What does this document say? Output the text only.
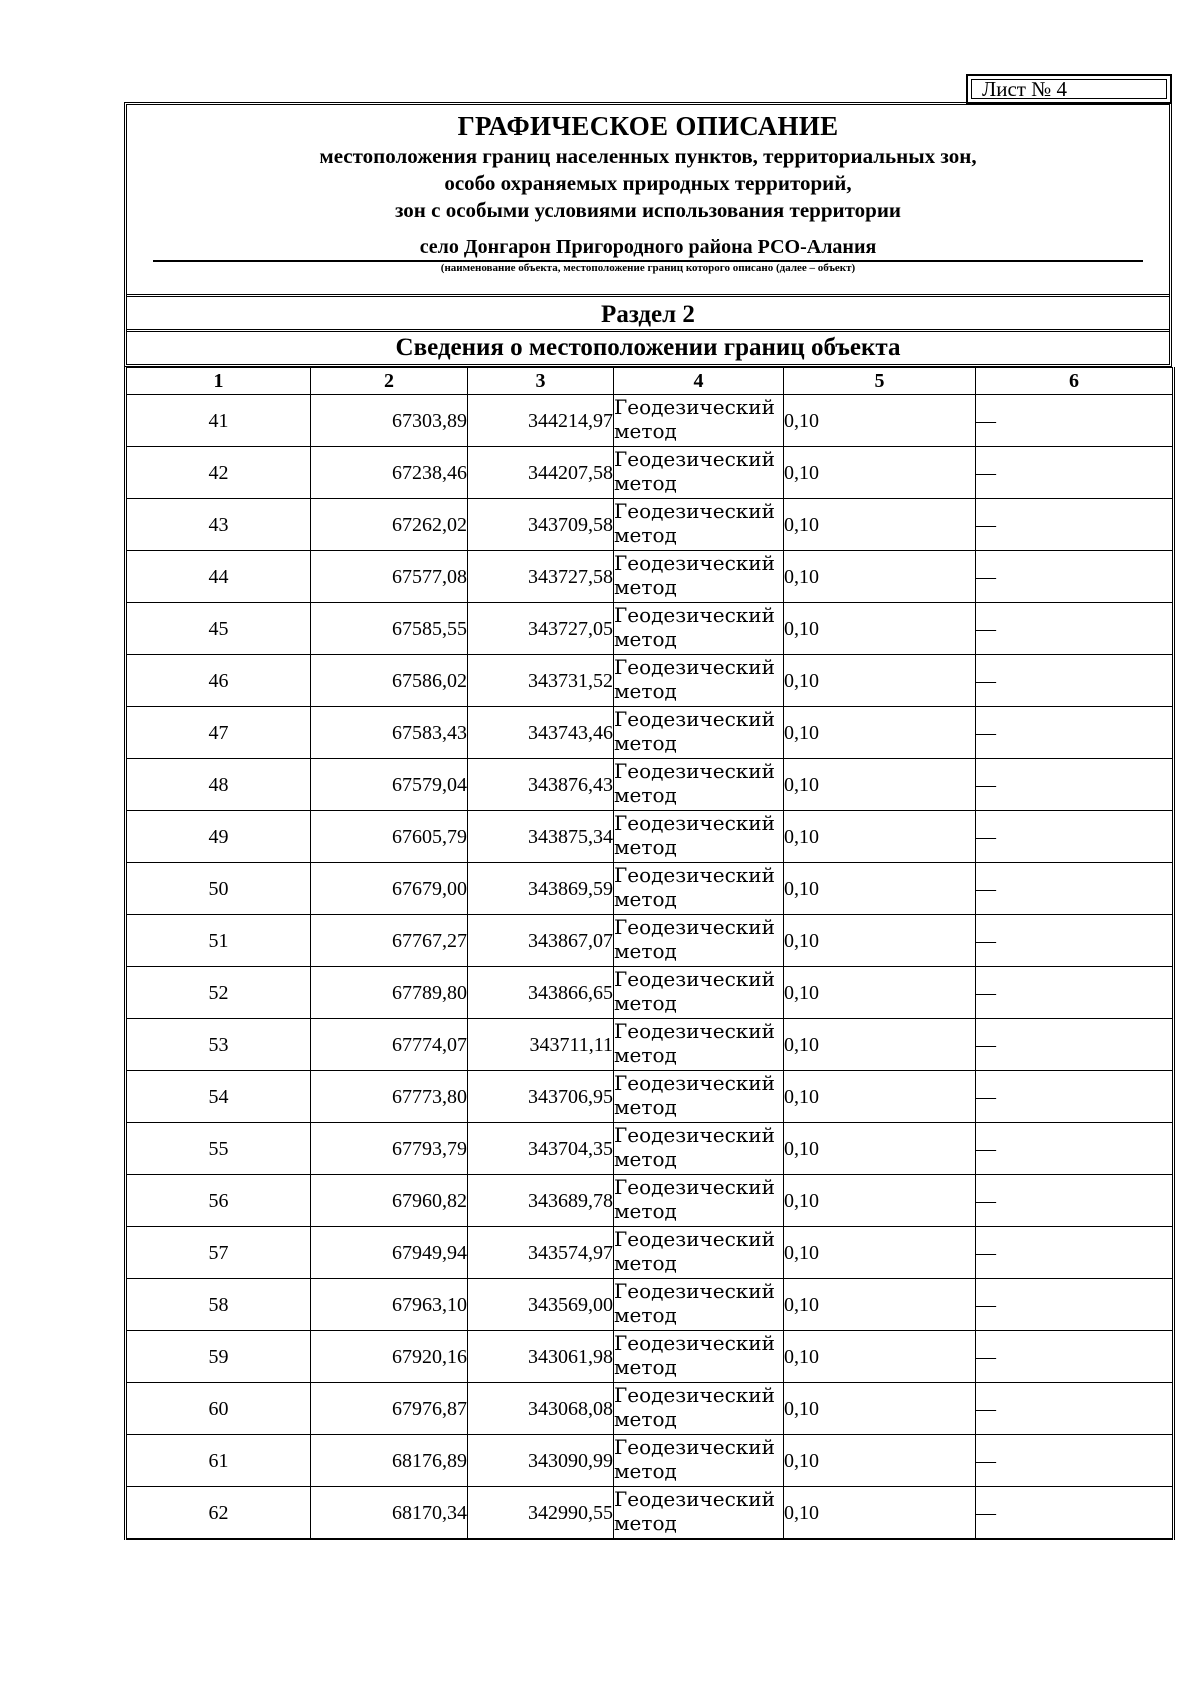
Лист № 4
ГРАФИЧЕСКОЕ ОПИСАНИЕ
местоположения границ населенных пунктов, территориальных зон,
особо охраняемых природных территорий,
зон с особыми условиями использования территории
село Донгарон Пригородного района РСО-Алания
(наименование объекта, местоположение границ которого описано (далее – объект)
Раздел 2
Сведения о местоположении границ объекта
1	2	3	4	5	6
41	67303,89	344214,97	Геодезический метод	0,10	—
42	67238,46	344207,58	Геодезический метод	0,10	—
43	67262,02	343709,58	Геодезический метод	0,10	—
44	67577,08	343727,58	Геодезический метод	0,10	—
45	67585,55	343727,05	Геодезический метод	0,10	—
46	67586,02	343731,52	Геодезический метод	0,10	—
47	67583,43	343743,46	Геодезический метод	0,10	—
48	67579,04	343876,43	Геодезический метод	0,10	—
49	67605,79	343875,34	Геодезический метод	0,10	—
50	67679,00	343869,59	Геодезический метод	0,10	—
51	67767,27	343867,07	Геодезический метод	0,10	—
52	67789,80	343866,65	Геодезический метод	0,10	—
53	67774,07	343711,11	Геодезический метод	0,10	—
54	67773,80	343706,95	Геодезический метод	0,10	—
55	67793,79	343704,35	Геодезический метод	0,10	—
56	67960,82	343689,78	Геодезический метод	0,10	—
57	67949,94	343574,97	Геодезический метод	0,10	—
58	67963,10	343569,00	Геодезический метод	0,10	—
59	67920,16	343061,98	Геодезический метод	0,10	—
60	67976,87	343068,08	Геодезический метод	0,10	—
61	68176,89	343090,99	Геодезический метод	0,10	—
62	68170,34	342990,55	Геодезический метод	0,10	—
